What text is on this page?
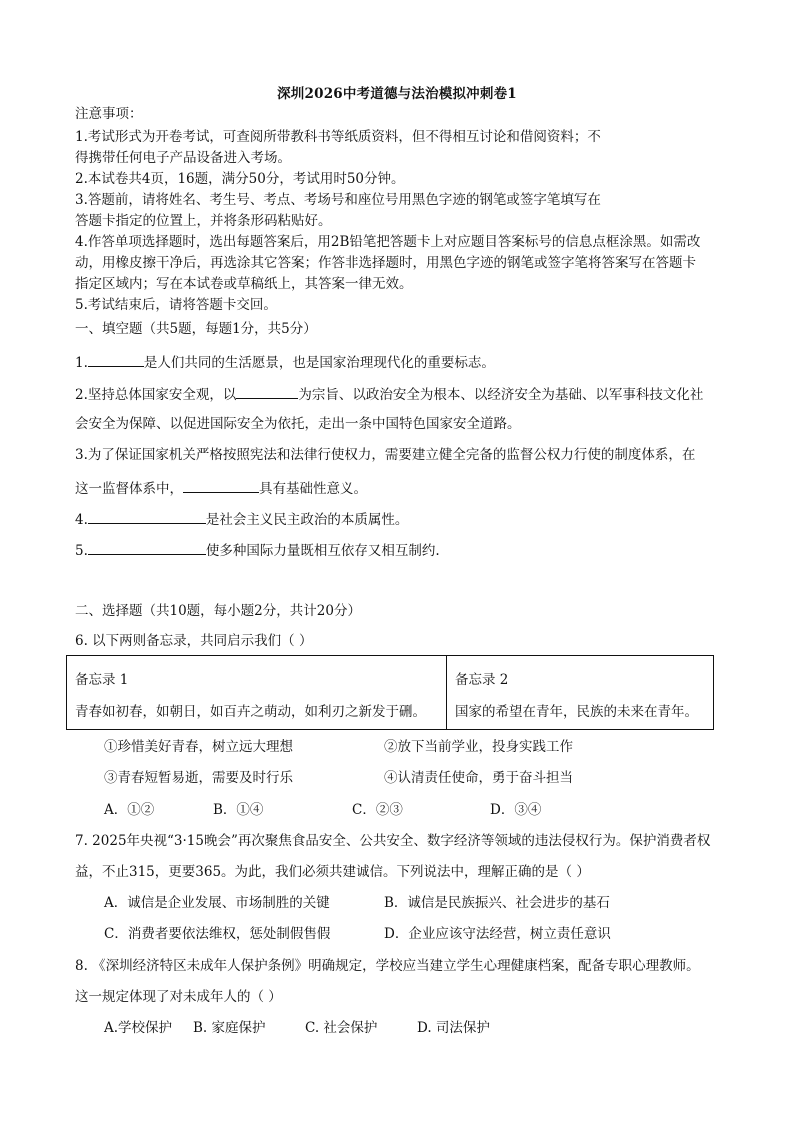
深圳2026中考道德与法治模拟冲刺卷1
注意事项：
1.考试形式为开卷考试，可查阅所带教科书等纸质资料，但不得相互讨论和借阅资料；不
得携带任何电子产品设备进入考场。
2.本试卷共4页，16题，满分50分，考试用时50分钟。
3.答题前，请将姓名、考生号、考点、考场号和座位号用黑色字迹的钢笔或签字笔填写在
答题卡指定的位置上，并将条形码粘贴好。
4.作答单项选择题时，选出每题答案后，用2B铅笔把答题卡上对应题目答案标号的信息点框涂黑。如需改
动，用橡皮擦干净后，再选涂其它答案；作答非选择题时，用黑色字迹的钢笔或签字笔将答案写在答题卡
指定区域内；写在本试卷或草稿纸上，其答案一律无效。
5.考试结束后，请将答题卡交回。
一、填空题（共5题，每题1分，共5分）
1.	是人们共同的生活愿景，也是国家治理现代化的重要标志。
2.坚持总体国家安全观，以	为宗旨、以政治安全为根本、以经济安全为基础、以军事科技文化社
会安全为保障、以促进国际安全为依托，走出一条中国特色国家安全道路。
3.为了保证国家机关严格按照宪法和法律行使权力，需要建立健全完备的监督公权力行使的制度体系，在
这一监督体系中，	具有基础性意义。
4.	是社会主义民主政治的本质属性。
5.	使多种国际力量既相互依存又相互制约.
二、选择题（共10题，每小题2分，共计20分）
6. 以下两则备忘录，共同启示我们（ ）
备忘录 1
青春如初春，如朝日，如百卉之萌动，如利刃之新发于硎。
备忘录 2
国家的希望在青年，民族的未来在青年。
①珍惜美好青春，树立远大理想	②放下当前学业，投身实践工作
③青春短暂易逝，需要及时行乐	④认清责任使命，勇于奋斗担当
A．①②	B．①④	C．②③	D．③④
7. 2025年央视“3·15晚会”再次聚焦食品安全、公共安全、数字经济等领域的违法侵权行为。保护消费者权
益，不止315，更要365。为此，我们必须共建诚信。下列说法中，理解正确的是（ ）
A．诚信是企业发展、市场制胜的关键	B．诚信是民族振兴、社会进步的基石
C．消费者要依法维权，惩处制假售假	D．企业应该守法经营，树立责任意识
8. 《深圳经济特区未成年人保护条例》明确规定，学校应当建立学生心理健康档案，配备专职心理教师。
这一规定体现了对未成年人的（ ）
A.学校保护 B. 家庭保护	C. 社会保护	D. 司法保护
